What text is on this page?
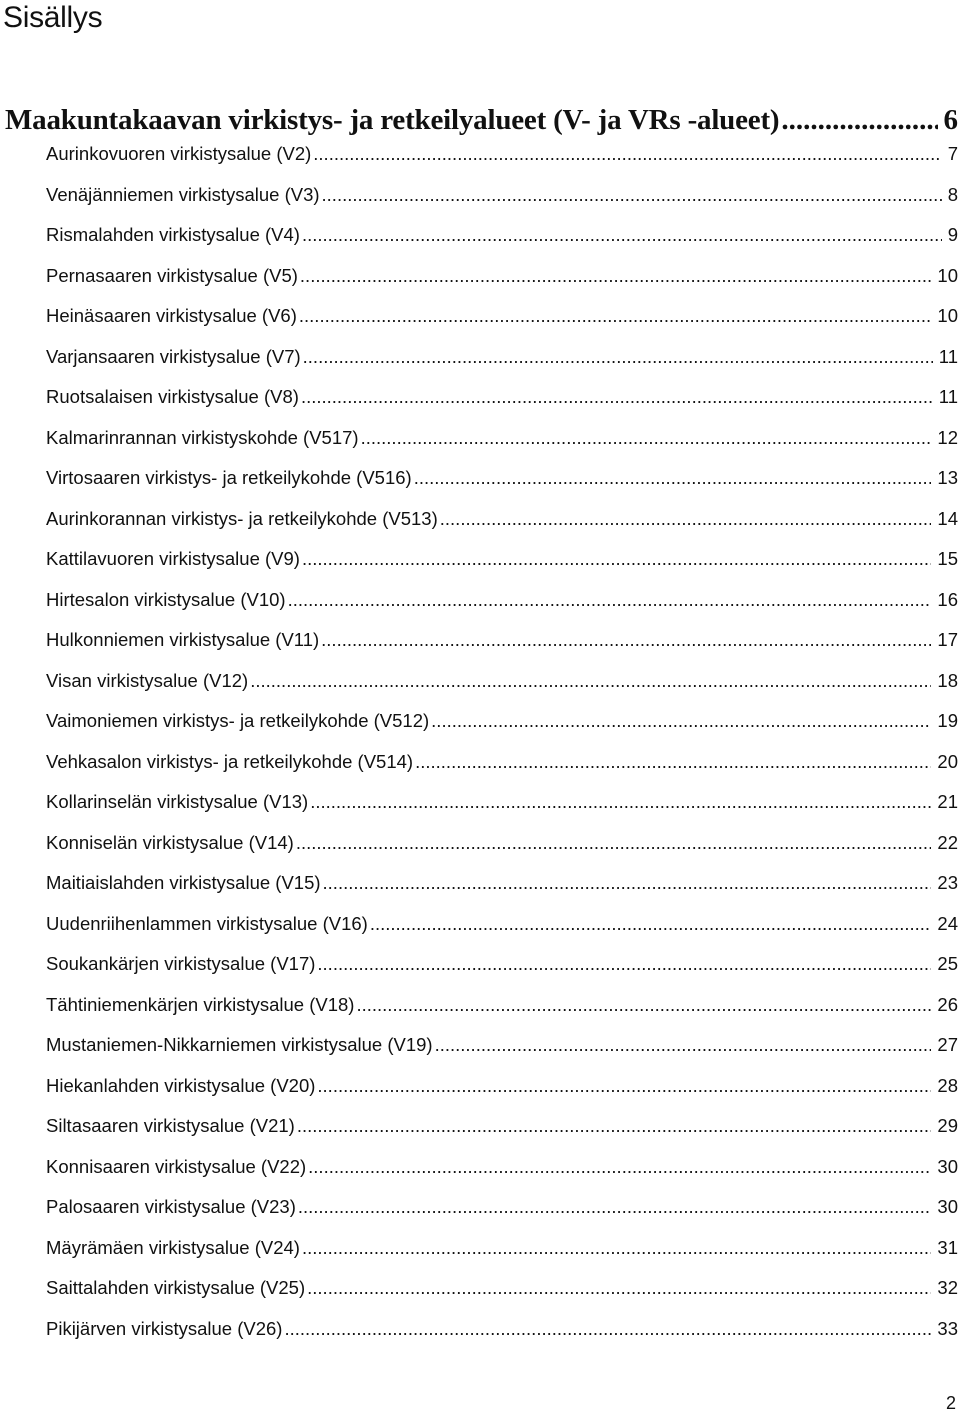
Sisällys
Maakuntakaavan virkistys- ja retkeilyalueet (V- ja VRs -alueet) .....	6
Aurinkovuoren virkistysalue (V2) .....	7
Venäjänniemen virkistysalue (V3) .....	8
Rismalahden virkistysalue (V4) .....	9
Pernasaaren virkistysalue (V5) .....	10
Heinäsaaren virkistysalue (V6) .....	10
Varjansaaren virkistysalue (V7) .....	11
Ruotsalaisen virkistysalue (V8) .....	11
Kalmarinrannan virkistyskohde (V517) .....	12
Virtosaaren virkistys- ja retkeilykohde (V516) .....	13
Aurinkorannan virkistys- ja retkeilykohde (V513) .....	14
Kattilavuoren virkistysalue (V9) .....	15
Hirtesalon virkistysalue (V10) .....	16
Hulkonniemen virkistysalue (V11) .....	17
Visan virkistysalue (V12) .....	18
Vaimoniemen virkistys- ja retkeilykohde (V512) .....	19
Vehkasalon virkistys- ja retkeilykohde (V514) .....	20
Kollarinselän virkistysalue (V13) .....	21
Konniselän virkistysalue (V14) .....	22
Maitiaislahden virkistysalue (V15) .....	23
Uudenriihenlammen virkistysalue (V16) .....	24
Soukankärjen virkistysalue (V17) .....	25
Tähtiniemenkärjen virkistysalue (V18) .....	26
Mustaniemen-Nikkarniemen virkistysalue (V19) .....	27
Hiekanlahden virkistysalue (V20) .....	28
Siltasaaren virkistysalue (V21) .....	29
Konnisaaren virkistysalue (V22) .....	30
Palosaaren virkistysalue (V23) .....	30
Mäyrämäen virkistysalue (V24) .....	31
Saittalahden virkistysalue (V25) .....	32
Pikijärven virkistysalue (V26) .....	33
2
